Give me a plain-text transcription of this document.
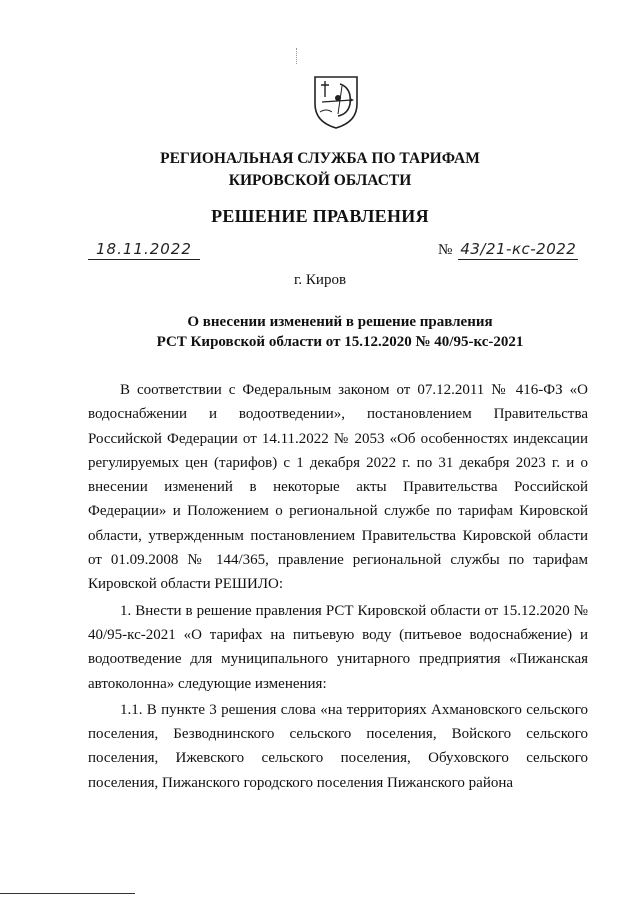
РЕГИОНАЛЬНАЯ СЛУЖБА ПО ТАРИФАМ
КИРОВСКОЙ ОБЛАСТИ
РЕШЕНИЕ ПРАВЛЕНИЯ
18.11.2022	№ 43/21-кс-2022
г. Киров
О внесении изменений в решение правления
РСТ Кировской области от 15.12.2020 № 40/95-кс-2021

В соответствии с Федеральным законом от 07.12.2011 № 416-ФЗ «О водоснабжении и водоотведении», постановлением Правительства Российской Федерации от 14.11.2022 № 2053 «Об особенностях индексации регулируемых цен (тарифов) с 1 декабря 2022 г. по 31 декабря 2023 г. и о внесении изменений в некоторые акты Правительства Российской Федерации» и Положением о региональной службе по тарифам Кировской области, утвержденным постановлением Правительства Кировской области от 01.09.2008 № 144/365, правление региональной службы по тарифам Кировской области РЕШИЛО:

1. Внести в решение правления РСТ Кировской области от 15.12.2020 № 40/95-кс-2021 «О тарифах на питьевую воду (питьевое водоснабжение) и водоотведение для муниципального унитарного предприятия «Пижанская автоколонна» следующие изменения:

1.1. В пункте 3 решения слова «на территориях Ахмановского сельского поселения, Безводнинского сельского поселения, Войского сельского поселения, Ижевского сельского поселения, Обуховского сельского поселения, Пижанского городского поселения Пижанского района
